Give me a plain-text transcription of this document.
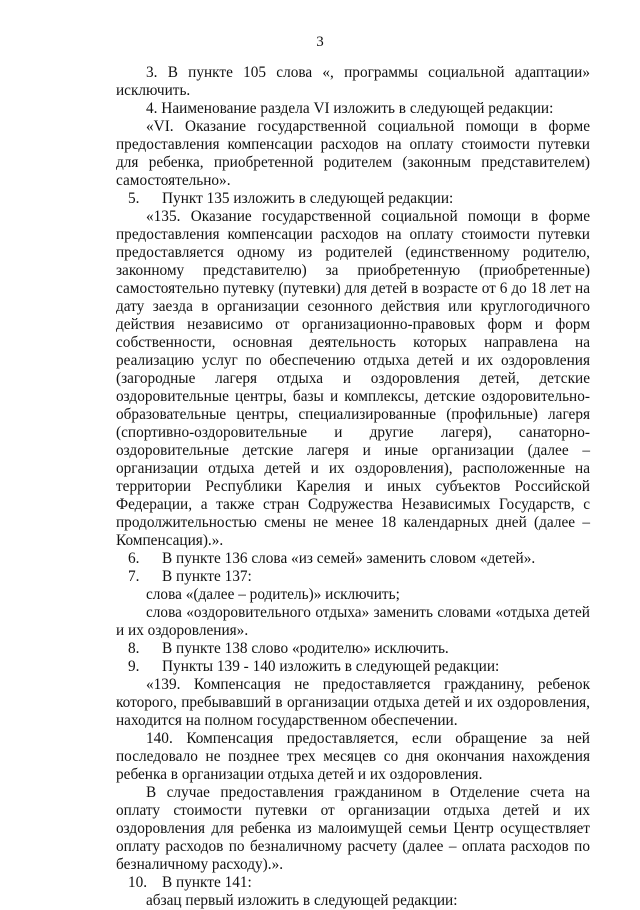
3

3. В пункте 105 слова «, программы социальной адаптации» исключить.

4. Наименование раздела VI изложить в следующей редакции:

«VI. Оказание государственной социальной помощи в форме предоставления компенсации расходов на оплату стоимости путевки для ребенка, приобретенной родителем (законным представителем) самостоятельно».

5. Пункт 135 изложить в следующей редакции:

«135. Оказание государственной социальной помощи в форме предоставления компенсации расходов на оплату стоимости путевки предоставляется одному из родителей (единственному родителю, законному представителю) за приобретенную (приобретенные) самостоятельно путевку (путевки) для детей в возрасте от 6 до 18 лет на дату заезда в организации сезонного действия или круглогодичного действия независимо от организационно-правовых форм и форм собственности, основная деятельность которых направлена на реализацию услуг по обеспечению отдыха детей и их оздоровления (загородные лагеря отдыха и оздоровления детей, детские оздоровительные центры, базы и комплексы, детские оздоровительно-образовательные центры, специализированные (профильные) лагеря (спортивно-оздоровительные и другие лагеря), санаторно-оздоровительные детские лагеря и иные организации (далее – организации отдыха детей и их оздоровления), расположенные на территории Республики Карелия и иных субъектов Российской Федерации, а также стран Содружества Независимых Государств, с продолжительностью смены не менее 18 календарных дней (далее – Компенсация).».

6. В пункте 136 слова «из семей» заменить словом «детей».

7. В пункте 137:

слова «(далее – родитель)» исключить;

слова «оздоровительного отдыха» заменить словами «отдыха детей и их оздоровления».

8. В пункте 138 слово «родителю» исключить.

9. Пункты 139 - 140 изложить в следующей редакции:

«139. Компенсация не предоставляется гражданину, ребенок которого, пребывавший в организации отдыха детей и их оздоровления, находится на полном государственном обеспечении.

140. Компенсация предоставляется, если обращение за ней последовало не позднее трех месяцев со дня окончания нахождения ребенка в организации отдыха детей и их оздоровления.

В случае предоставления гражданином в Отделение счета на оплату стоимости путевки от организации отдыха детей и их оздоровления для ребенка из малоимущей семьи Центр осуществляет оплату расходов по безналичному расчету (далее – оплата расходов по безналичному расходу).».

10. В пункте 141:

абзац первый изложить в следующей редакции:
